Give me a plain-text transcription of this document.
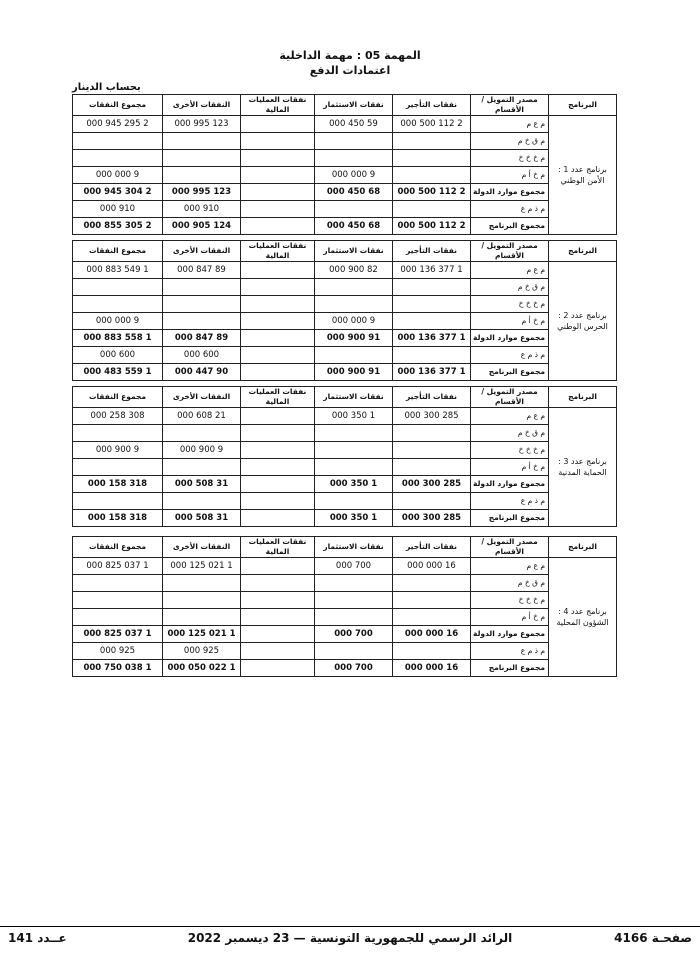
المهمة 05 : مهمة الداخلية
اعتمادات الدفع
بحساب الدينار
البرنامج	مصدر التمويل / الأقسام	نفقات التأجير	نفقات الاستثمار	نفقات العمليات المالية	النفقات الأخرى	مجموع النفقات
برنامج عدد 1 : الأمن الوطني	م ع م	2 112 500 000	59 450 000		123 995 000	2 295 945 000
	م ق خ م					
	م خ خ خ					
	م خ أ م		9 000 000			9 000 000
	مجموع موارد الدولة	2 112 500 000	68 450 000		123 995 000	2 304 945 000
	م ذ م ع				910 000	910 000
	مجموع البرنامج	2 112 500 000	68 450 000		124 905 000	2 305 855 000
البرنامج	مصدر التمويل / الأقسام	نفقات التأجير	نفقات الاستثمار	نفقات العمليات المالية	النفقات الأخرى	مجموع النفقات
برنامج عدد 2 : الحرس الوطني	م ع م	1 377 136 000	82 900 000		89 847 000	1 549 883 000
	م ق خ م					
	م خ خ خ					
	م خ أ م		9 000 000			9 000 000
	مجموع موارد الدولة	1 377 136 000	91 900 000		89 847 000	1 558 883 000
	م ذ م ع				600 000	600 000
	مجموع البرنامج	1 377 136 000	91 900 000		90 447 000	1 559 483 000
البرنامج	مصدر التمويل / الأقسام	نفقات التأجير	نفقات الاستثمار	نفقات العمليات المالية	النفقات الأخرى	مجموع النفقات
برنامج عدد 3 : الحماية المدنية	م ع م	285 300 000	1 350 000		21 608 000	308 258 000
	م ق خ م					
	م خ خ خ				9 900 000	9 900 000
	م خ أ م					
	مجموع موارد الدولة	285 300 000	1 350 000		31 508 000	318 158 000
	م ذ م ع					
	مجموع البرنامج	285 300 000	1 350 000		31 508 000	318 158 000
البرنامج	مصدر التمويل / الأقسام	نفقات التأجير	نفقات الاستثمار	نفقات العمليات المالية	النفقات الأخرى	مجموع النفقات
برنامج عدد 4 : الشؤون المحلية	م ع م	16 000 000	700 000		1 021 125 000	1 037 825 000
	م ق خ م					
	م خ خ خ					
	م خ أ م					
	مجموع موارد الدولة	16 000 000	700 000		1 021 125 000	1 037 825 000
	م ذ م ع				925 000	925 000
	مجموع البرنامج	16 000 000	700 000		1 022 050 000	1 038 750 000
صفحـة 4166
الرائد الرسمي للجمهورية التونسية — 23 ديسمبر 2022
عــدد 141
